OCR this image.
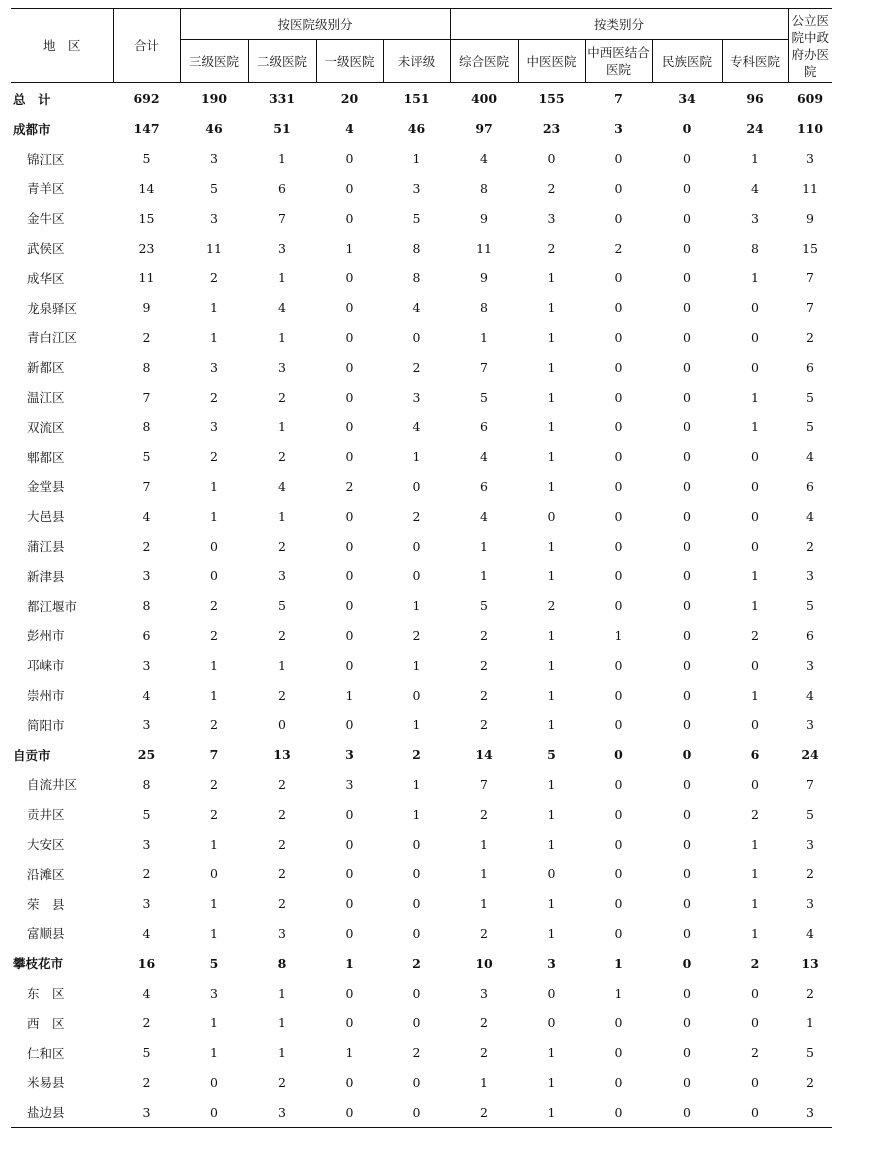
地　区	合计	按医院级别分				按类别分					公立医院中政府办医院
		三级医院	二级医院	一级医院	未评级	综合医院	中医医院	中西医结合医院	民族医院	专科医院	
总　计	692	190	331	20	151	400	155	7	34	96	609
成都市	147	46	51	4	46	97	23	3	0	24	110
锦江区	5	3	1	0	1	4	0	0	0	1	3
青羊区	14	5	6	0	3	8	2	0	0	4	11
金牛区	15	3	7	0	5	9	3	0	0	3	9
武侯区	23	11	3	1	8	11	2	2	0	8	15
成华区	11	2	1	0	8	9	1	0	0	1	7
龙泉驿区	9	1	4	0	4	8	1	0	0	0	7
青白江区	2	1	1	0	0	1	1	0	0	0	2
新都区	8	3	3	0	2	7	1	0	0	0	6
温江区	7	2	2	0	3	5	1	0	0	1	5
双流区	8	3	1	0	4	6	1	0	0	1	5
郫都区	5	2	2	0	1	4	1	0	0	0	4
金堂县	7	1	4	2	0	6	1	0	0	0	6
大邑县	4	1	1	0	2	4	0	0	0	0	4
蒲江县	2	0	2	0	0	1	1	0	0	0	2
新津县	3	0	3	0	0	1	1	0	0	1	3
都江堰市	8	2	5	0	1	5	2	0	0	1	5
彭州市	6	2	2	0	2	2	1	1	0	2	6
邛崃市	3	1	1	0	1	2	1	0	0	0	3
崇州市	4	1	2	1	0	2	1	0	0	1	4
简阳市	3	2	0	0	1	2	1	0	0	0	3
自贡市	25	7	13	3	2	14	5	0	0	6	24
自流井区	8	2	2	3	1	7	1	0	0	0	7
贡井区	5	2	2	0	1	2	1	0	0	2	5
大安区	3	1	2	0	0	1	1	0	0	1	3
沿滩区	2	0	2	0	0	1	0	0	0	1	2
荣　县	3	1	2	0	0	1	1	0	0	1	3
富顺县	4	1	3	0	0	2	1	0	0	1	4
攀枝花市	16	5	8	1	2	10	3	1	0	2	13
东　区	4	3	1	0	0	3	0	1	0	0	2
西　区	2	1	1	0	0	2	0	0	0	0	1
仁和区	5	1	1	1	2	2	1	0	0	2	5
米易县	2	0	2	0	0	1	1	0	0	0	2
盐边县	3	0	3	0	0	2	1	0	0	0	3
